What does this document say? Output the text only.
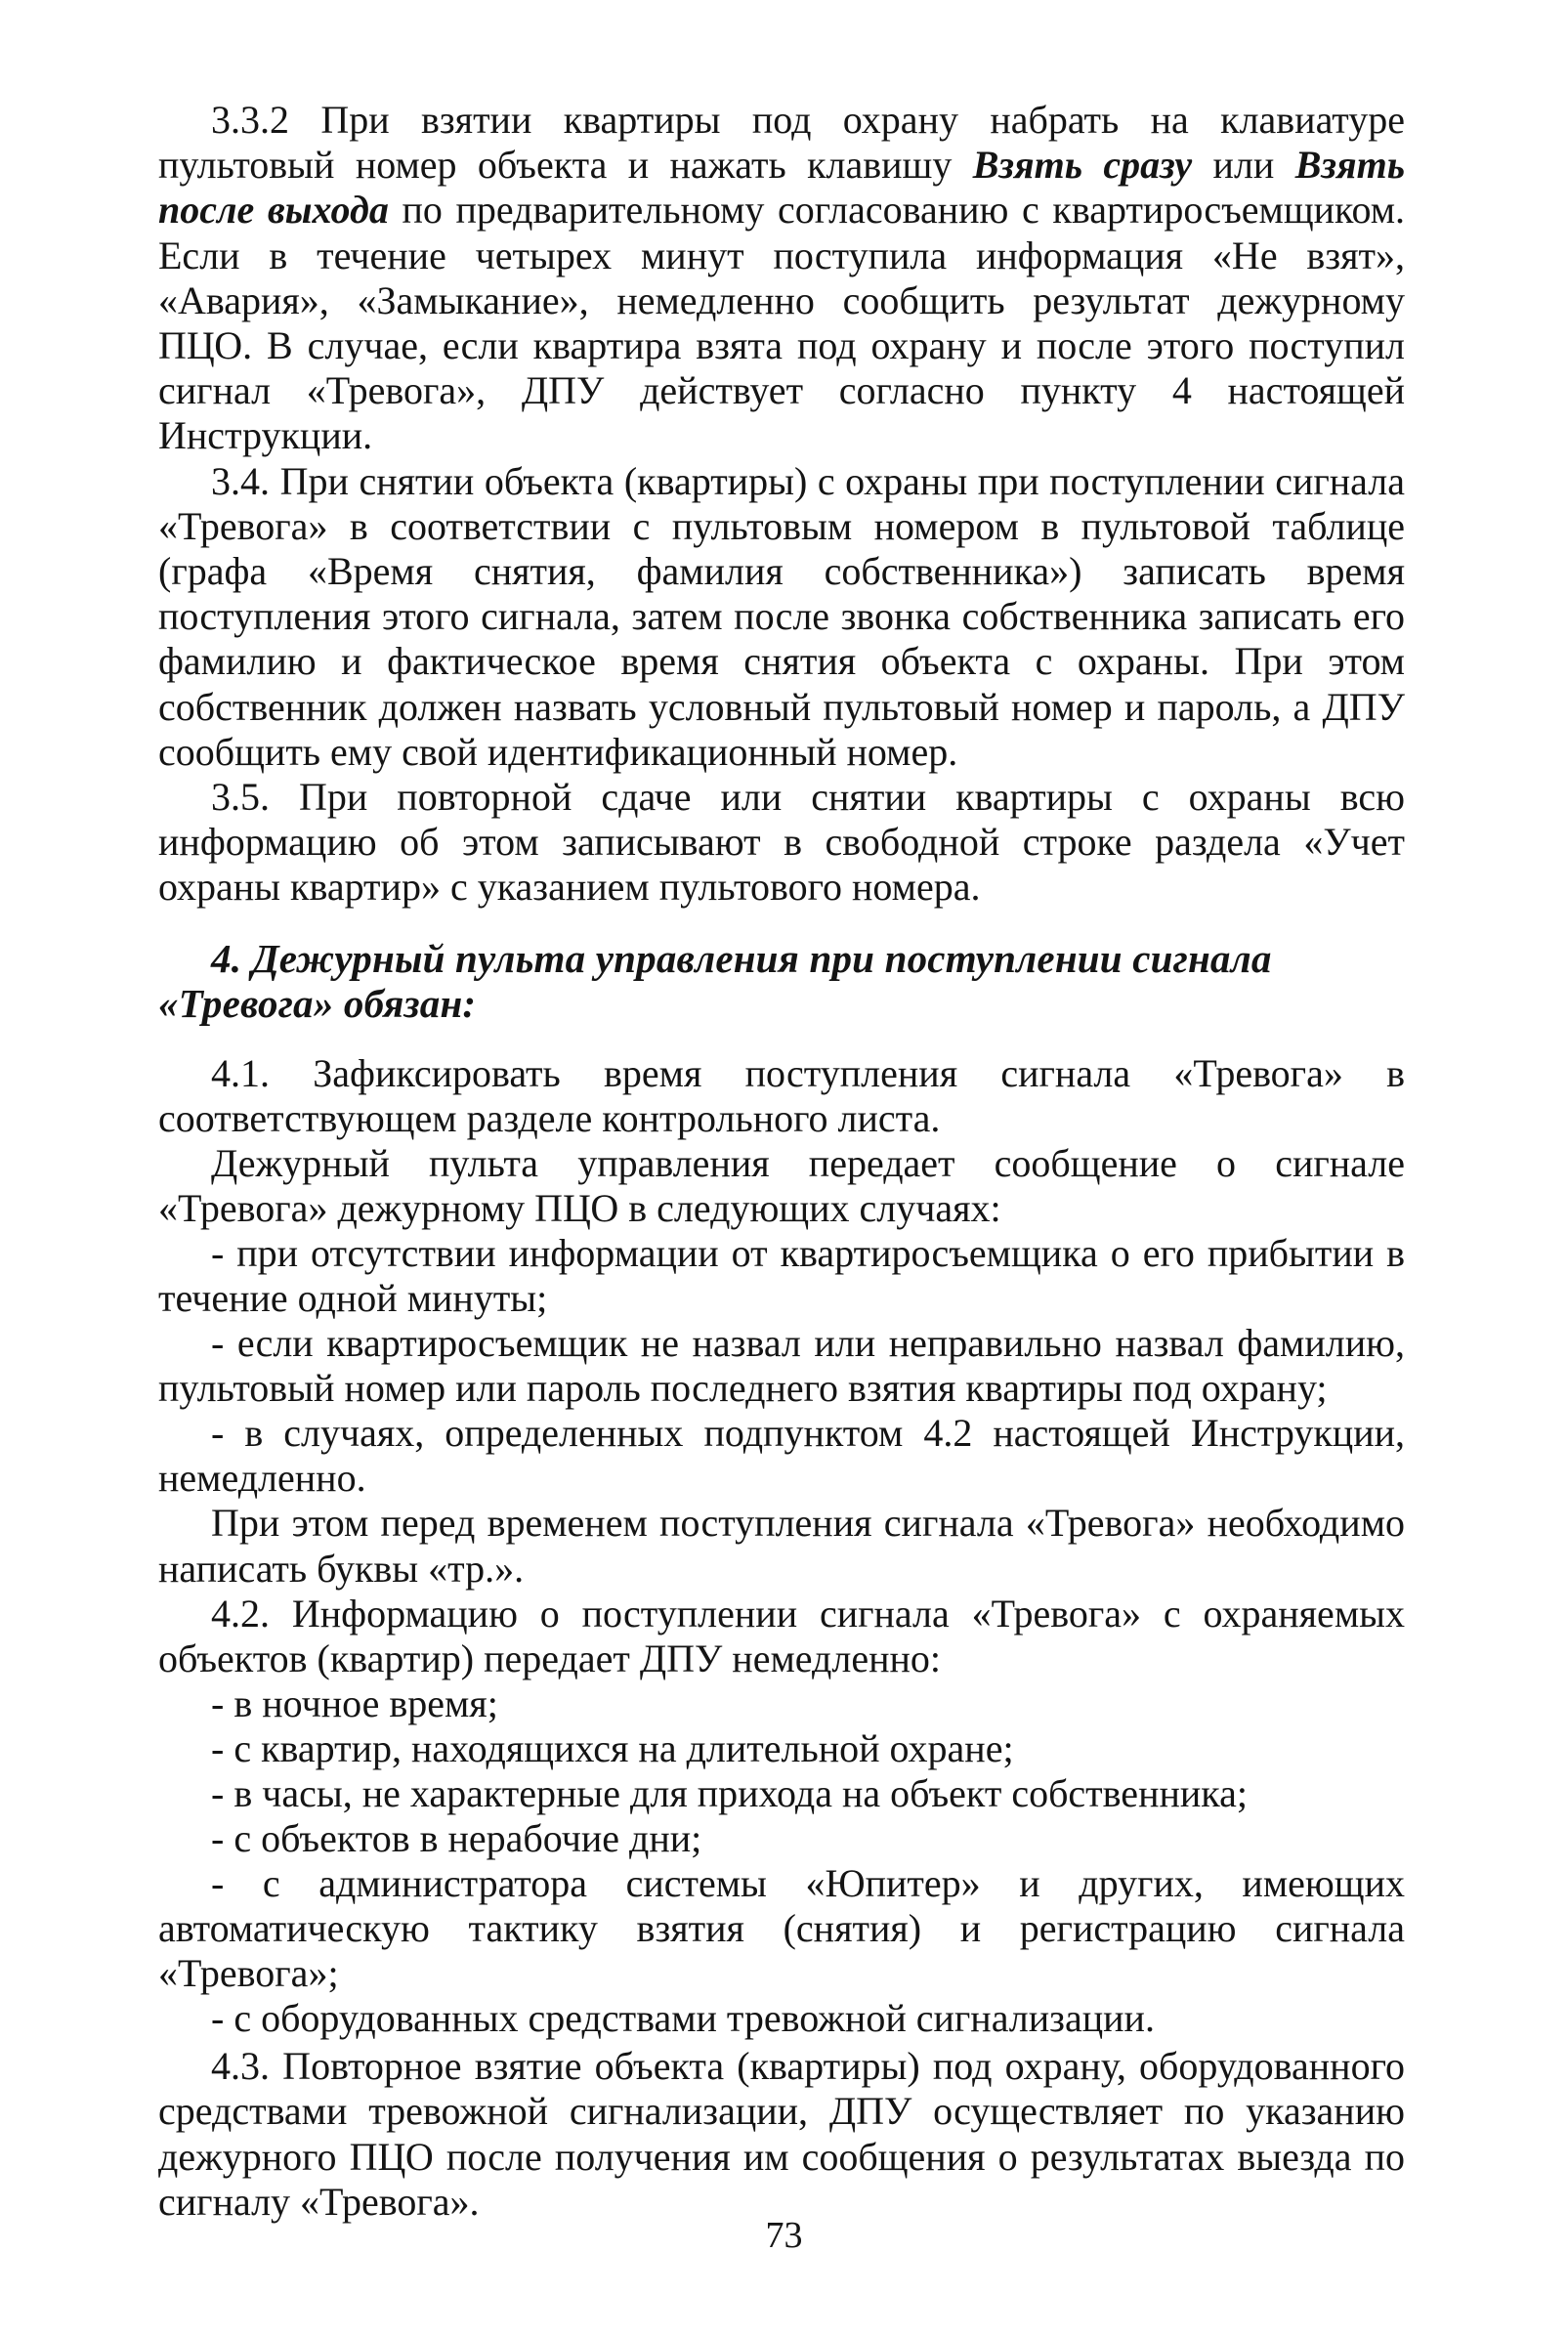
3.3.2 При взятии квартиры под охрану набрать на клавиатуре пультовый номер объекта и нажать клавишу Взять сразу или Взять после выхода по предварительному согласованию с квартиросъемщиком. Если в течение четырех минут поступила информация «Не взят», «Авария», «Замыкание», немедленно сообщить результат дежурному ПЦО. В случае, если квартира взята под охрану и после этого поступил сигнал «Тревога», ДПУ действует согласно пункту 4 настоящей Инструкции.

3.4. При снятии объекта (квартиры) с охраны при поступлении сигнала «Тревога» в соответствии с пультовым номером в пультовой таблице (графа «Время снятия, фамилия собственника») записать время поступления этого сигнала, затем после звонка собственника записать его фамилию и фактическое время снятия объекта с охраны. При этом собственник должен назвать условный пультовый номер и пароль, а ДПУ сообщить ему свой идентификационный номер.

3.5. При повторной сдаче или снятии квартиры с охраны всю информацию об этом записывают в свободной строке раздела «Учет охраны квартир» с указанием пультового номера.

4. Дежурный пульта управления при поступлении сигнала «Тревога» обязан:

4.1. Зафиксировать время поступления сигнала «Тревога» в соответствующем разделе контрольного листа.

Дежурный пульта управления передает сообщение о сигнале «Тревога» дежурному ПЦО в следующих случаях:

- при отсутствии информации от квартиросъемщика о его прибытии в течение одной минуты;

- если квартиросъемщик не назвал или неправильно назвал фамилию, пультовый номер или пароль последнего взятия квартиры под охрану;

- в случаях, определенных подпунктом 4.2 настоящей Инструкции, немедленно.

При этом перед временем поступления сигнала «Тревога» необходимо написать буквы «тр.».

4.2. Информацию о поступлении сигнала «Тревога» с охраняемых объектов (квартир) передает ДПУ немедленно:

- в ночное время;

- с квартир, находящихся на длительной охране;

- в часы, не характерные для прихода на объект собственника;

- с объектов в нерабочие дни;

- с администратора системы «Юпитер» и других, имеющих автоматическую тактику взятия (снятия) и регистрацию сигнала «Тревога»;

- с оборудованных средствами тревожной сигнализации.

4.3. Повторное взятие объекта (квартиры) под охрану, оборудованного средствами тревожной сигнализации, ДПУ осуществляет по указанию дежурного ПЦО после получения им сообщения о результатах выезда по сигналу «Тревога».

73
